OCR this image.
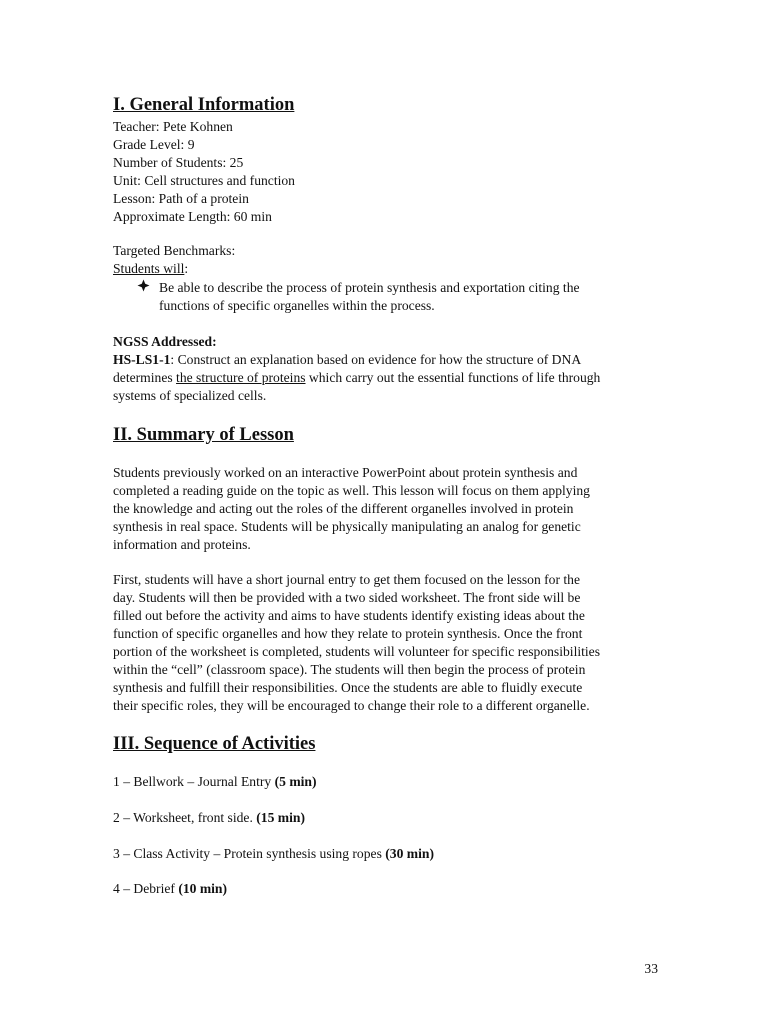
I. General Information
Teacher: Pete Kohnen
Grade Level: 9
Number of Students: 25
Unit: Cell structures and function
Lesson: Path of a protein
Approximate Length: 60 min
Targeted Benchmarks:
Students will:
Be able to describe the process of protein synthesis and exportation citing the
functions of specific organelles within the process.
NGSS Addressed:
HS-LS1-1: Construct an explanation based on evidence for how the structure of DNA
determines the structure of proteins which carry out the essential functions of life through
systems of specialized cells.
II. Summary of Lesson
Students previously worked on an interactive PowerPoint about protein synthesis and
completed a reading guide on the topic as well. This lesson will focus on them applying
the knowledge and acting out the roles of the different organelles involved in protein
synthesis in real space. Students will be physically manipulating an analog for genetic
information and proteins.
First, students will have a short journal entry to get them focused on the lesson for the
day. Students will then be provided with a two sided worksheet. The front side will be
filled out before the activity and aims to have students identify existing ideas about the
function of specific organelles and how they relate to protein synthesis. Once the front
portion of the worksheet is completed, students will volunteer for specific responsibilities
within the “cell” (classroom space). The students will then begin the process of protein
synthesis and fulfill their responsibilities. Once the students are able to fluidly execute
their specific roles, they will be encouraged to change their role to a different organelle.
III. Sequence of Activities
1 – Bellwork – Journal Entry (5 min)
2 – Worksheet, front side. (15 min)
3 – Class Activity – Protein synthesis using ropes (30 min)
4 – Debrief (10 min)
33
